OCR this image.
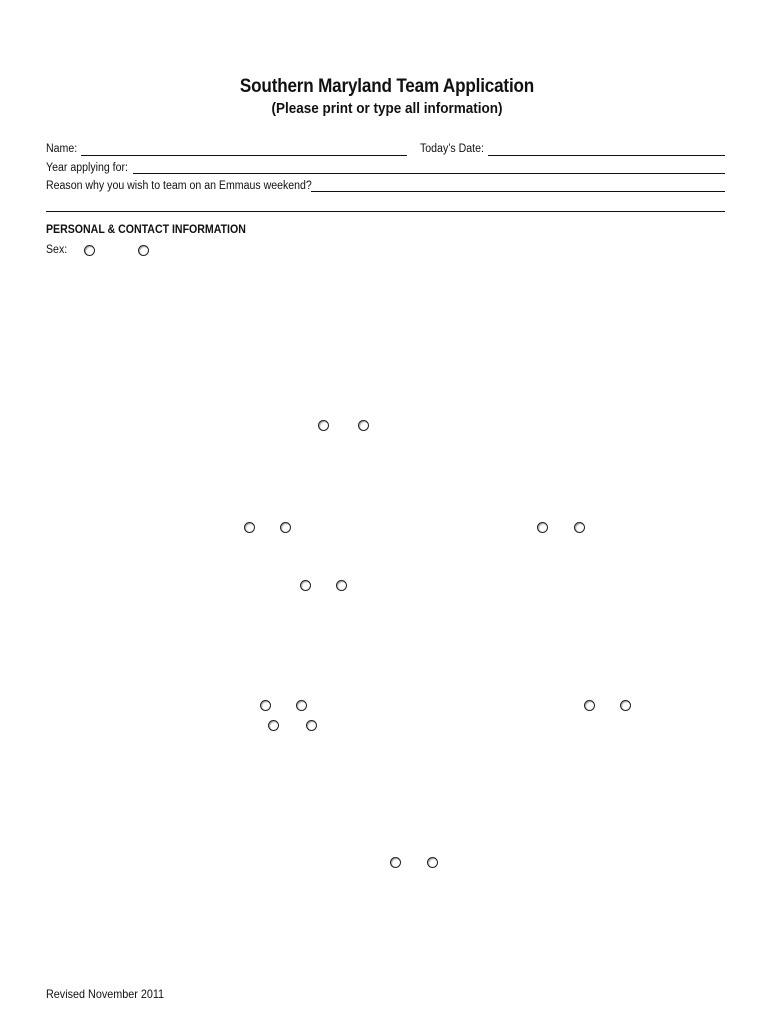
Southern Maryland Team Application
(Please print or type all information)
Name:	Today’s Date:
Year applying for:
Reason why you wish to team on an Emmaus weekend?
PERSONAL & CONTACT INFORMATION
Sex:
Revised November 2011
